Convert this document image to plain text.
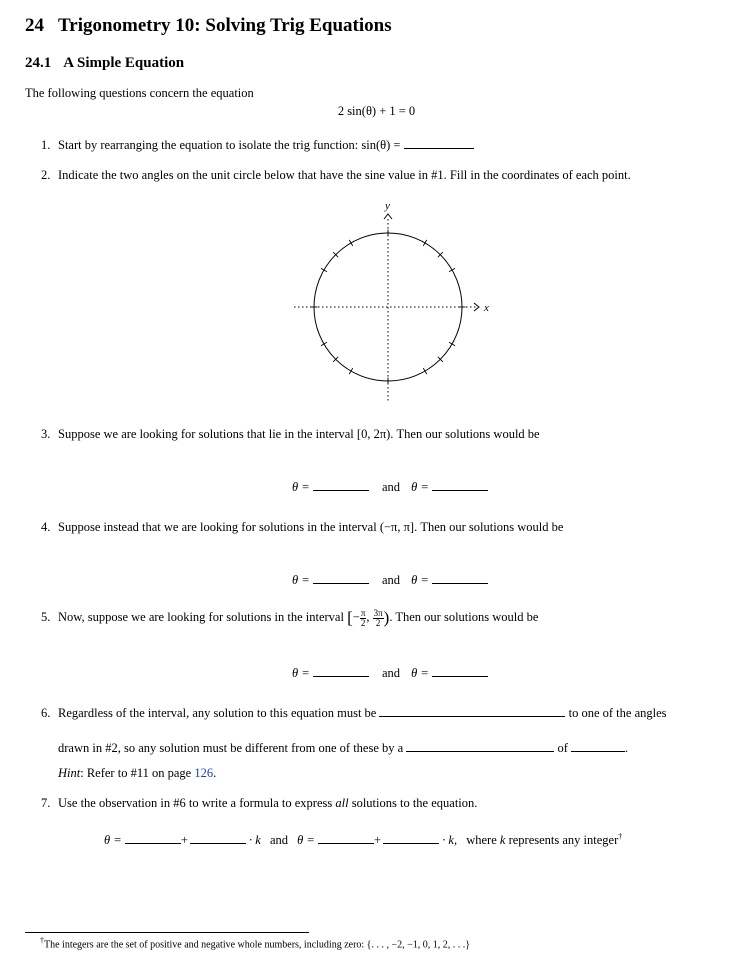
24 Trigonometry 10: Solving Trig Equations
24.1 A Simple Equation
The following questions concern the equation
2 sin(θ) + 1 = 0
1. Start by rearranging the equation to isolate the trig function: sin(θ) =
2. Indicate the two angles on the unit circle below that have the sine value in #1. Fill in the coordinates of each point.
x
y
3. Suppose we are looking for solutions that lie in the interval [0, 2π). Then our solutions would be
θ =	and θ =
4. Suppose instead that we are looking for solutions in the interval (−π, π]. Then our solutions would be
θ =	and θ =
5. Now, suppose we are looking for solutions in the interval [− $\frac{\pi}{2}$ , $\frac{3\pi}{2}$ ). Then our solutions would be
θ =	and θ =
6. Regardless of the interval, any solution to this equation must be	to one of the angles
drawn in #2, so any solution must be different from one of these by a	of	.
Hint: Refer to #11 on page 126.
7. Use the observation in #6 to write a formula to express all solutions to the equation.
θ =	+	· k and θ =	+	· k, where k represents any integer†
†The integers are the set of positive and negative whole numbers, including zero: {. . . , −2, −1, 0, 1, 2, . . .}
